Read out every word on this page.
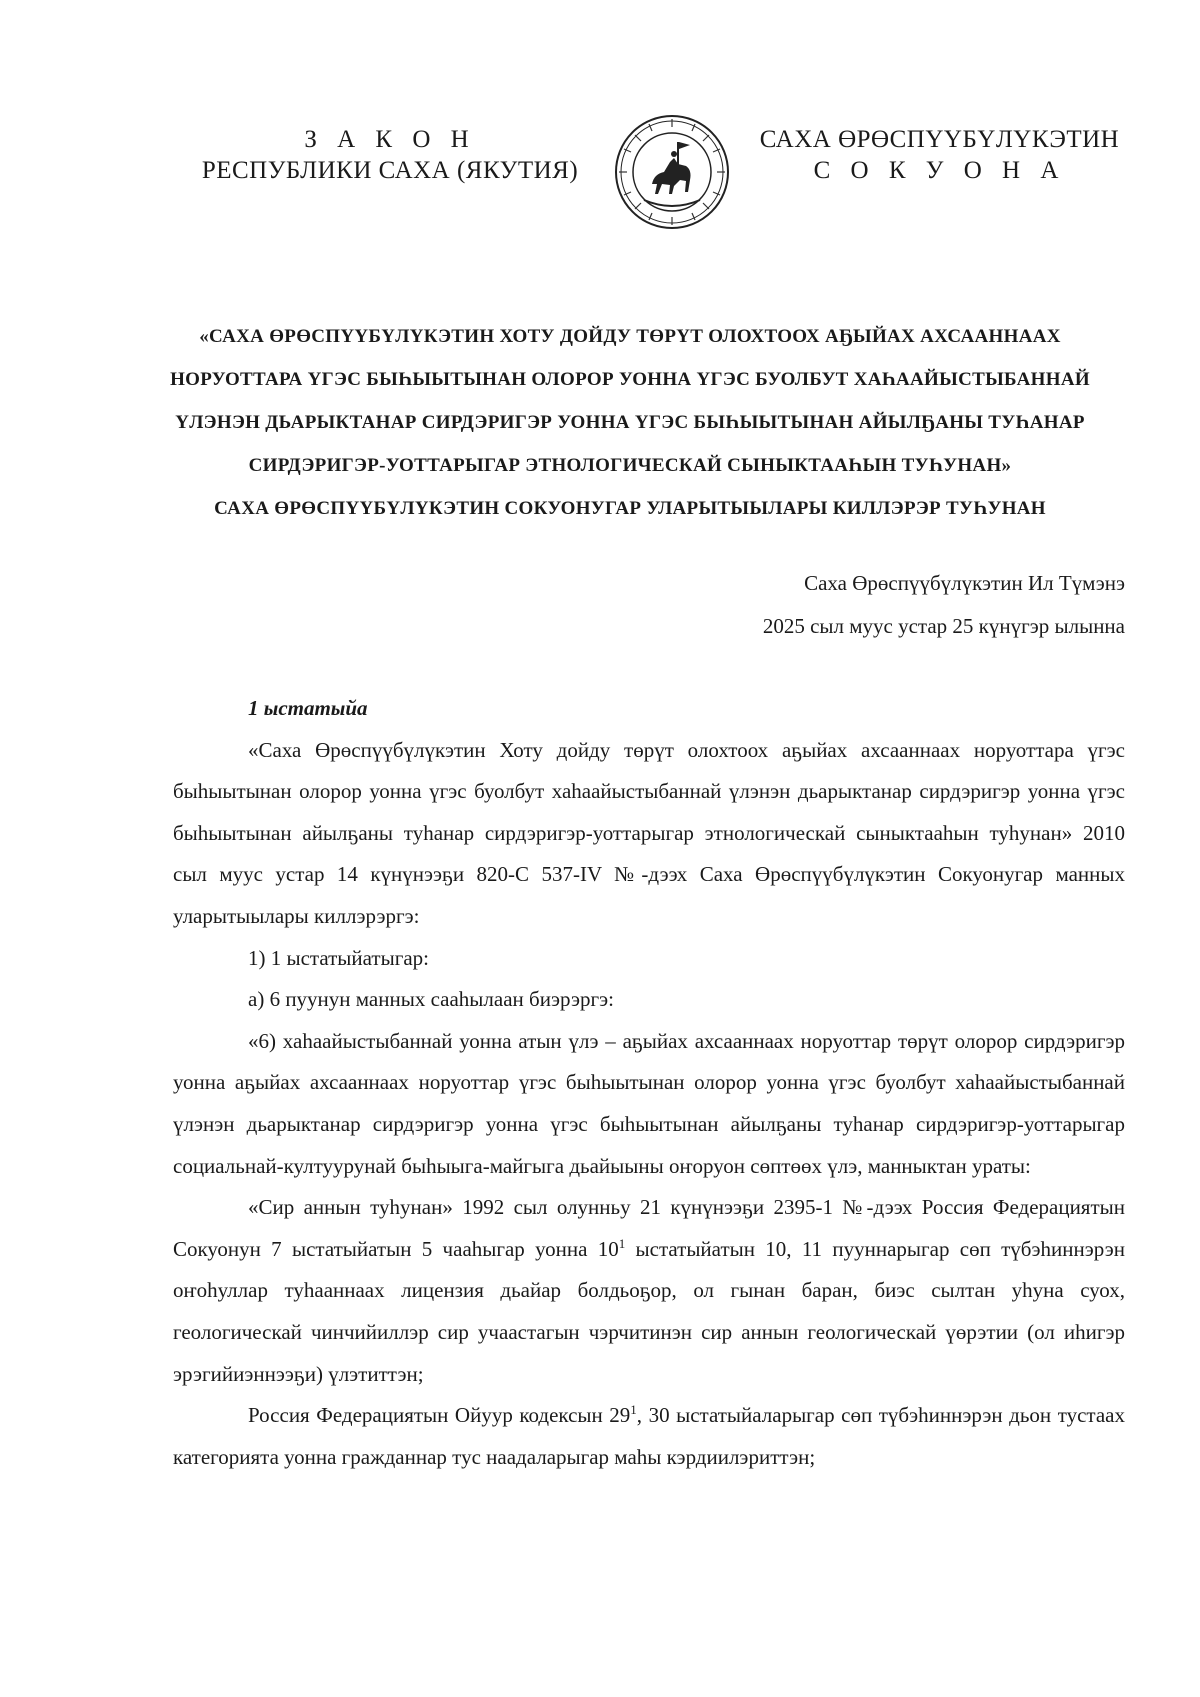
З А К О Н
РЕСПУБЛИКИ САХА (ЯКУТИЯ)
САХА ӨРӨСПҮҮБҮЛҮКЭТИН
С О К У О Н А
«САХА ӨРӨСПҮҮБҮЛҮКЭТИН ХОТУ ДОЙДУ ТӨРҮТ ОЛОХТООХ АҔЫЙАХ АХСААННААХ
НОРУОТТАРА ҮГЭС БЫҺЫЫТЫНАН ОЛОРОР УОННА ҮГЭС БУОЛБУТ ХАҺААЙЫСТЫБАННАЙ
ҮЛЭНЭН ДЬАРЫКТАНАР СИРДЭРИГЭР УОННА ҮГЭС БЫҺЫЫТЫНАН АЙЫЛҔАНЫ ТУҺАНАР
СИРДЭРИГЭР-УОТТАРЫГАР ЭТНОЛОГИЧЕСКАЙ СЫНЫКТААҺЫН ТУҺУНАН»
САХА ӨРӨСПҮҮБҮЛҮКЭТИН СОКУОНУГАР УЛАРЫТЫЫЛАРЫ КИЛЛЭРЭР ТУҺУНАН
Саха Өрөспүүбүлүкэтин Ил Түмэнэ
2025 сыл муус устар 25 күнүгэр ылынна

1 ыстатыйа

«Саха Өрөспүүбүлүкэтин Хоту дойду төрүт олохтоох аҕыйах ахсааннаах норуоттара үгэс быһыытынан олорор уонна үгэс буолбут хаһаайыстыбаннай үлэнэн дьарыктанар сирдэригэр уонна үгэс быһыытынан айылҕаны туһанар сирдэригэр-уоттарыгар этнологическай сыныктааһын туһунан» 2010 сыл муус устар 14 күнүнээҕи 820-С 537-IV №-дээх Саха Өрөспүүбүлүкэтин Сокуонугар манных уларытыылары киллэрэргэ:

1) 1 ыстатыйатыгар:

а) 6 пуунун манных сааһылаан биэрэргэ:

«6) хаһаайыстыбаннай уонна атын үлэ – аҕыйах ахсааннаах норуоттар төрүт олорор сирдэригэр уонна аҕыйах ахсааннаах норуоттар үгэс быһыытынан олорор уонна үгэс буолбут хаһаайыстыбаннай үлэнэн дьарыктанар сирдэригэр уонна үгэс быһыытынан айылҕаны туһанар сирдэригэр-уоттарыгар социальнай-култуурунай быһыыга-майгыга дьайыыны оҥоруон сөптөөх үлэ, манныктан ураты:

«Сир аннын туһунан» 1992 сыл олунньу 21 күнүнээҕи 2395-1 №-дээх Россия Федерациятын Сокуонун 7 ыстатыйатын 5 чааһыгар уонна $10^1$ ыстатыйатын 10, 11 пууннарыгар сөп түбэһиннэрэн оҥоһуллар туһааннаах лицензия дьайар болдьоҕор, ол гынан баран, биэс сылтан уһуна суох, геологическай чинчийиллэр сир учаастагын чэрчитинэн сир аннын геологическай үөрэтии (ол иһигэр эрэгийиэннээҕи) үлэтиттэн;

Россия Федерациятын Ойуур кодексын $29^1$, 30 ыстатыйаларыгар сөп түбэһиннэрэн дьон тустаах категорията уонна гражданнар тус наадаларыгар маһы кэрдиилэриттэн;
